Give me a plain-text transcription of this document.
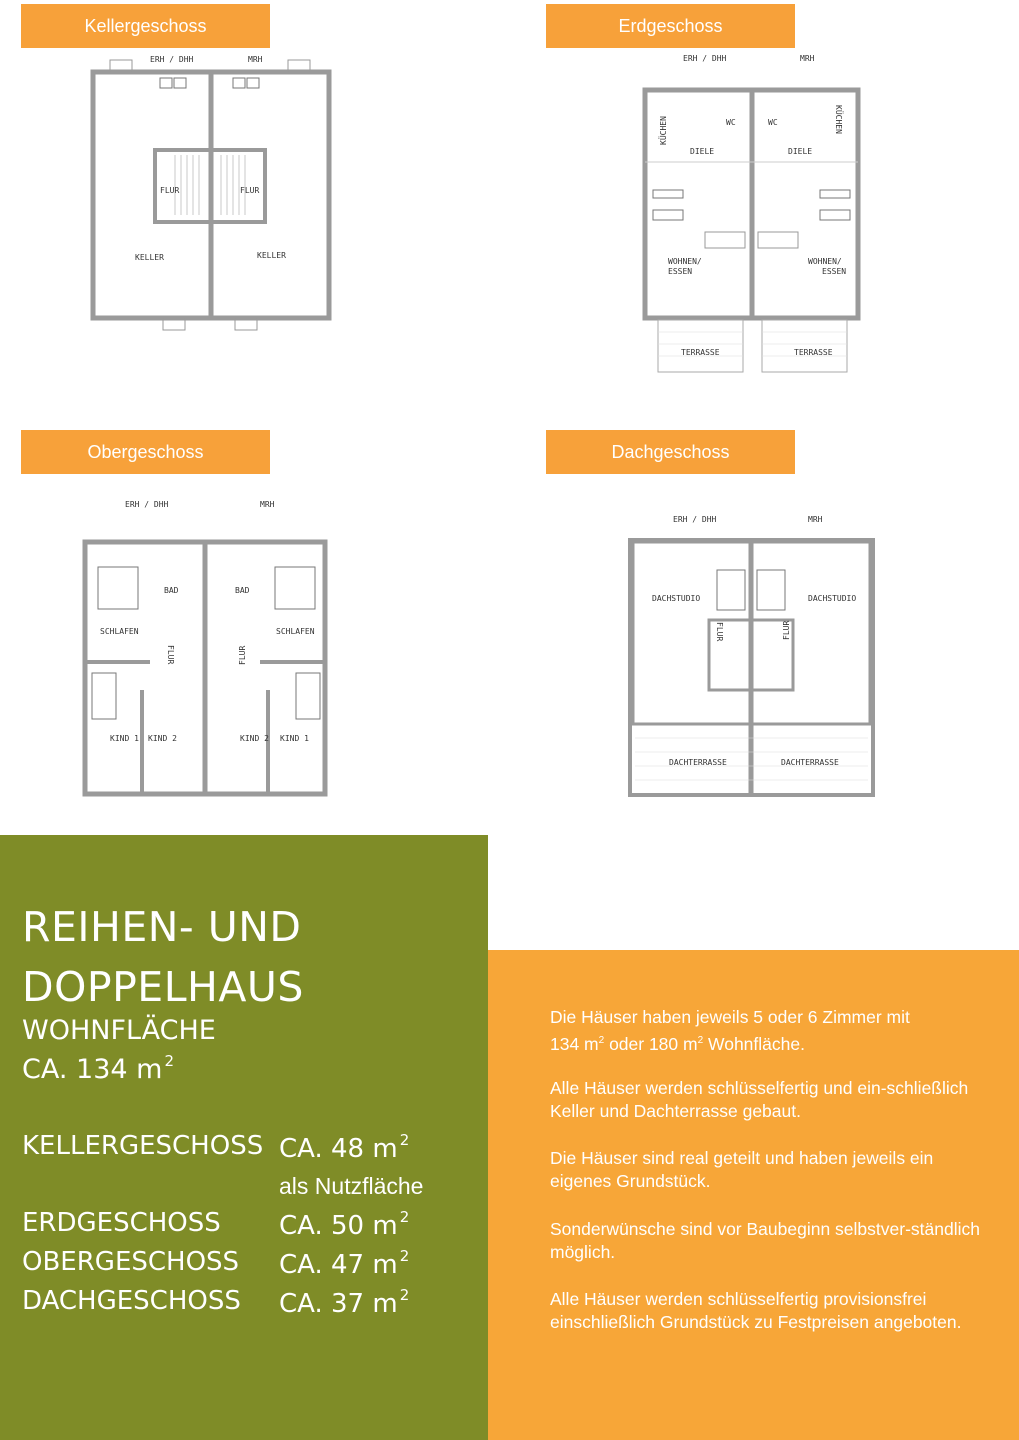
Kellergeschoss	Erdgeschoss
Obergeschoss	Dachgeschoss
ERH / DHH	MRH
FLUR	FLUR
KELLER	KELLER
ERH / DHH	MRH
WC	WC
DIELE	DIELE
KÜCHEN	KÜCHEN
WOHNEN/
ESSEN
WOHNEN/
ESSEN
TERRASSE	TERRASSE
ERH / DHH	MRH
BAD	BAD
SCHLAFEN	SCHLAFEN
FLUR	FLUR
KIND 1 KIND 2	KIND 2 KIND 1
ERH / DHH	MRH
DACHSTUDIO	DACHSTUDIO
FLUR	FLUR
DACHTERRASSE	DACHTERRASSE
REIHEN- UND
DOPPELHAUS
WOHNFLÄCHE
CA. 134 m $^2$
KELLERGESCHOSS CA. 48 m $^2$
als Nutzfläche
ERDGESCHOSS CA. 50 m $^2$
OBERGESCHOSS CA. 47 m $^2$
DACHGESCHOSS CA. 37 m $^2$
Die Häuser haben jeweils 5 oder 6 Zimmer mit
134 $m^2$ oder 180 $m^2$ Wohnfläche.
Alle Häuser werden schlüsselfertig und ein-schließlich Keller und Dachterrasse gebaut.
Die Häuser sind real geteilt und haben jeweils ein eigenes Grundstück.
Sonderwünsche sind vor Baubeginn selbstver-ständlich möglich.
Alle Häuser werden schlüsselfertig provisionsfrei einschließlich Grundstück zu Festpreisen angeboten.
